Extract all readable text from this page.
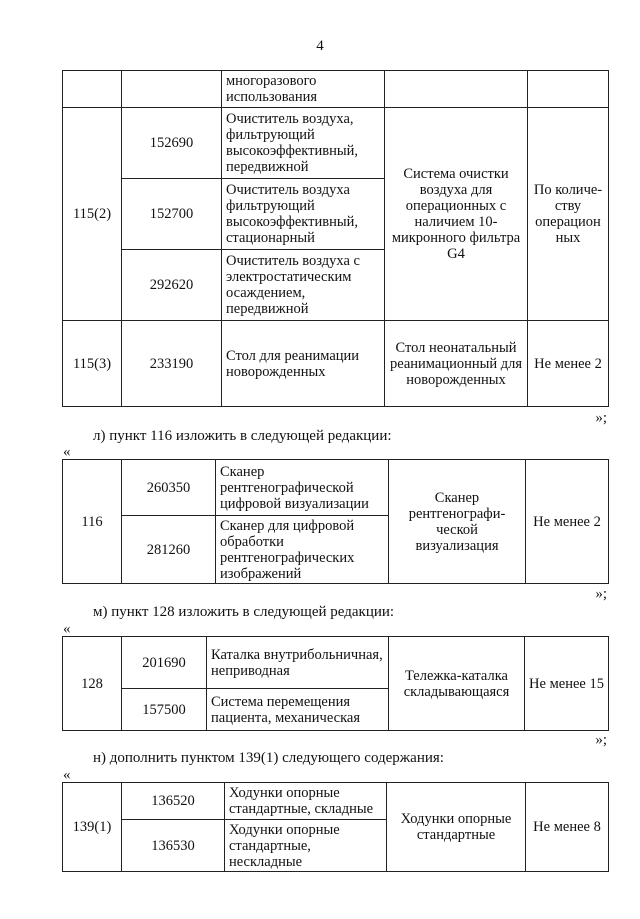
4
		многоразового использования		
115(2)	152690	Очиститель воздуха, фильтрующий высокоэффективный, передвижной	Система очистки воздуха для операционных с наличием 10-микронного фильтра G4	По количе- ству операцион ных
	152700	Очиститель воздуха фильтрующий высокоэффективный, стационарный		
	292620	Очиститель воздуха с электростатическим осаждением, передвижной		
115(3)	233190	Стол для реанимации новорожденных	Стол неонатальный реанимационный для новорожденных	Не менее 2
»;
л) пункт 116 изложить в следующей редакции:
«
116	260350	Сканер рентгенографической цифровой визуализации	Сканер рентгенографи- ческой визуализация	Не менее 2
	281260	Сканер для цифровой обработки рентгенографических изображений		
»;
м) пункт 128 изложить в следующей редакции:
«
128	201690	Каталка внутрибольничная, неприводная	Тележка-каталка складывающаяся	Не менее 15
	157500	Система перемещения пациента, механическая		
»;
н) дополнить пунктом 139(1) следующего содержания:
«
139(1)	136520	Ходунки опорные стандартные, складные	Ходунки опорные стандартные	Не менее 8
	136530	Ходунки опорные стандартные, нескладные		
